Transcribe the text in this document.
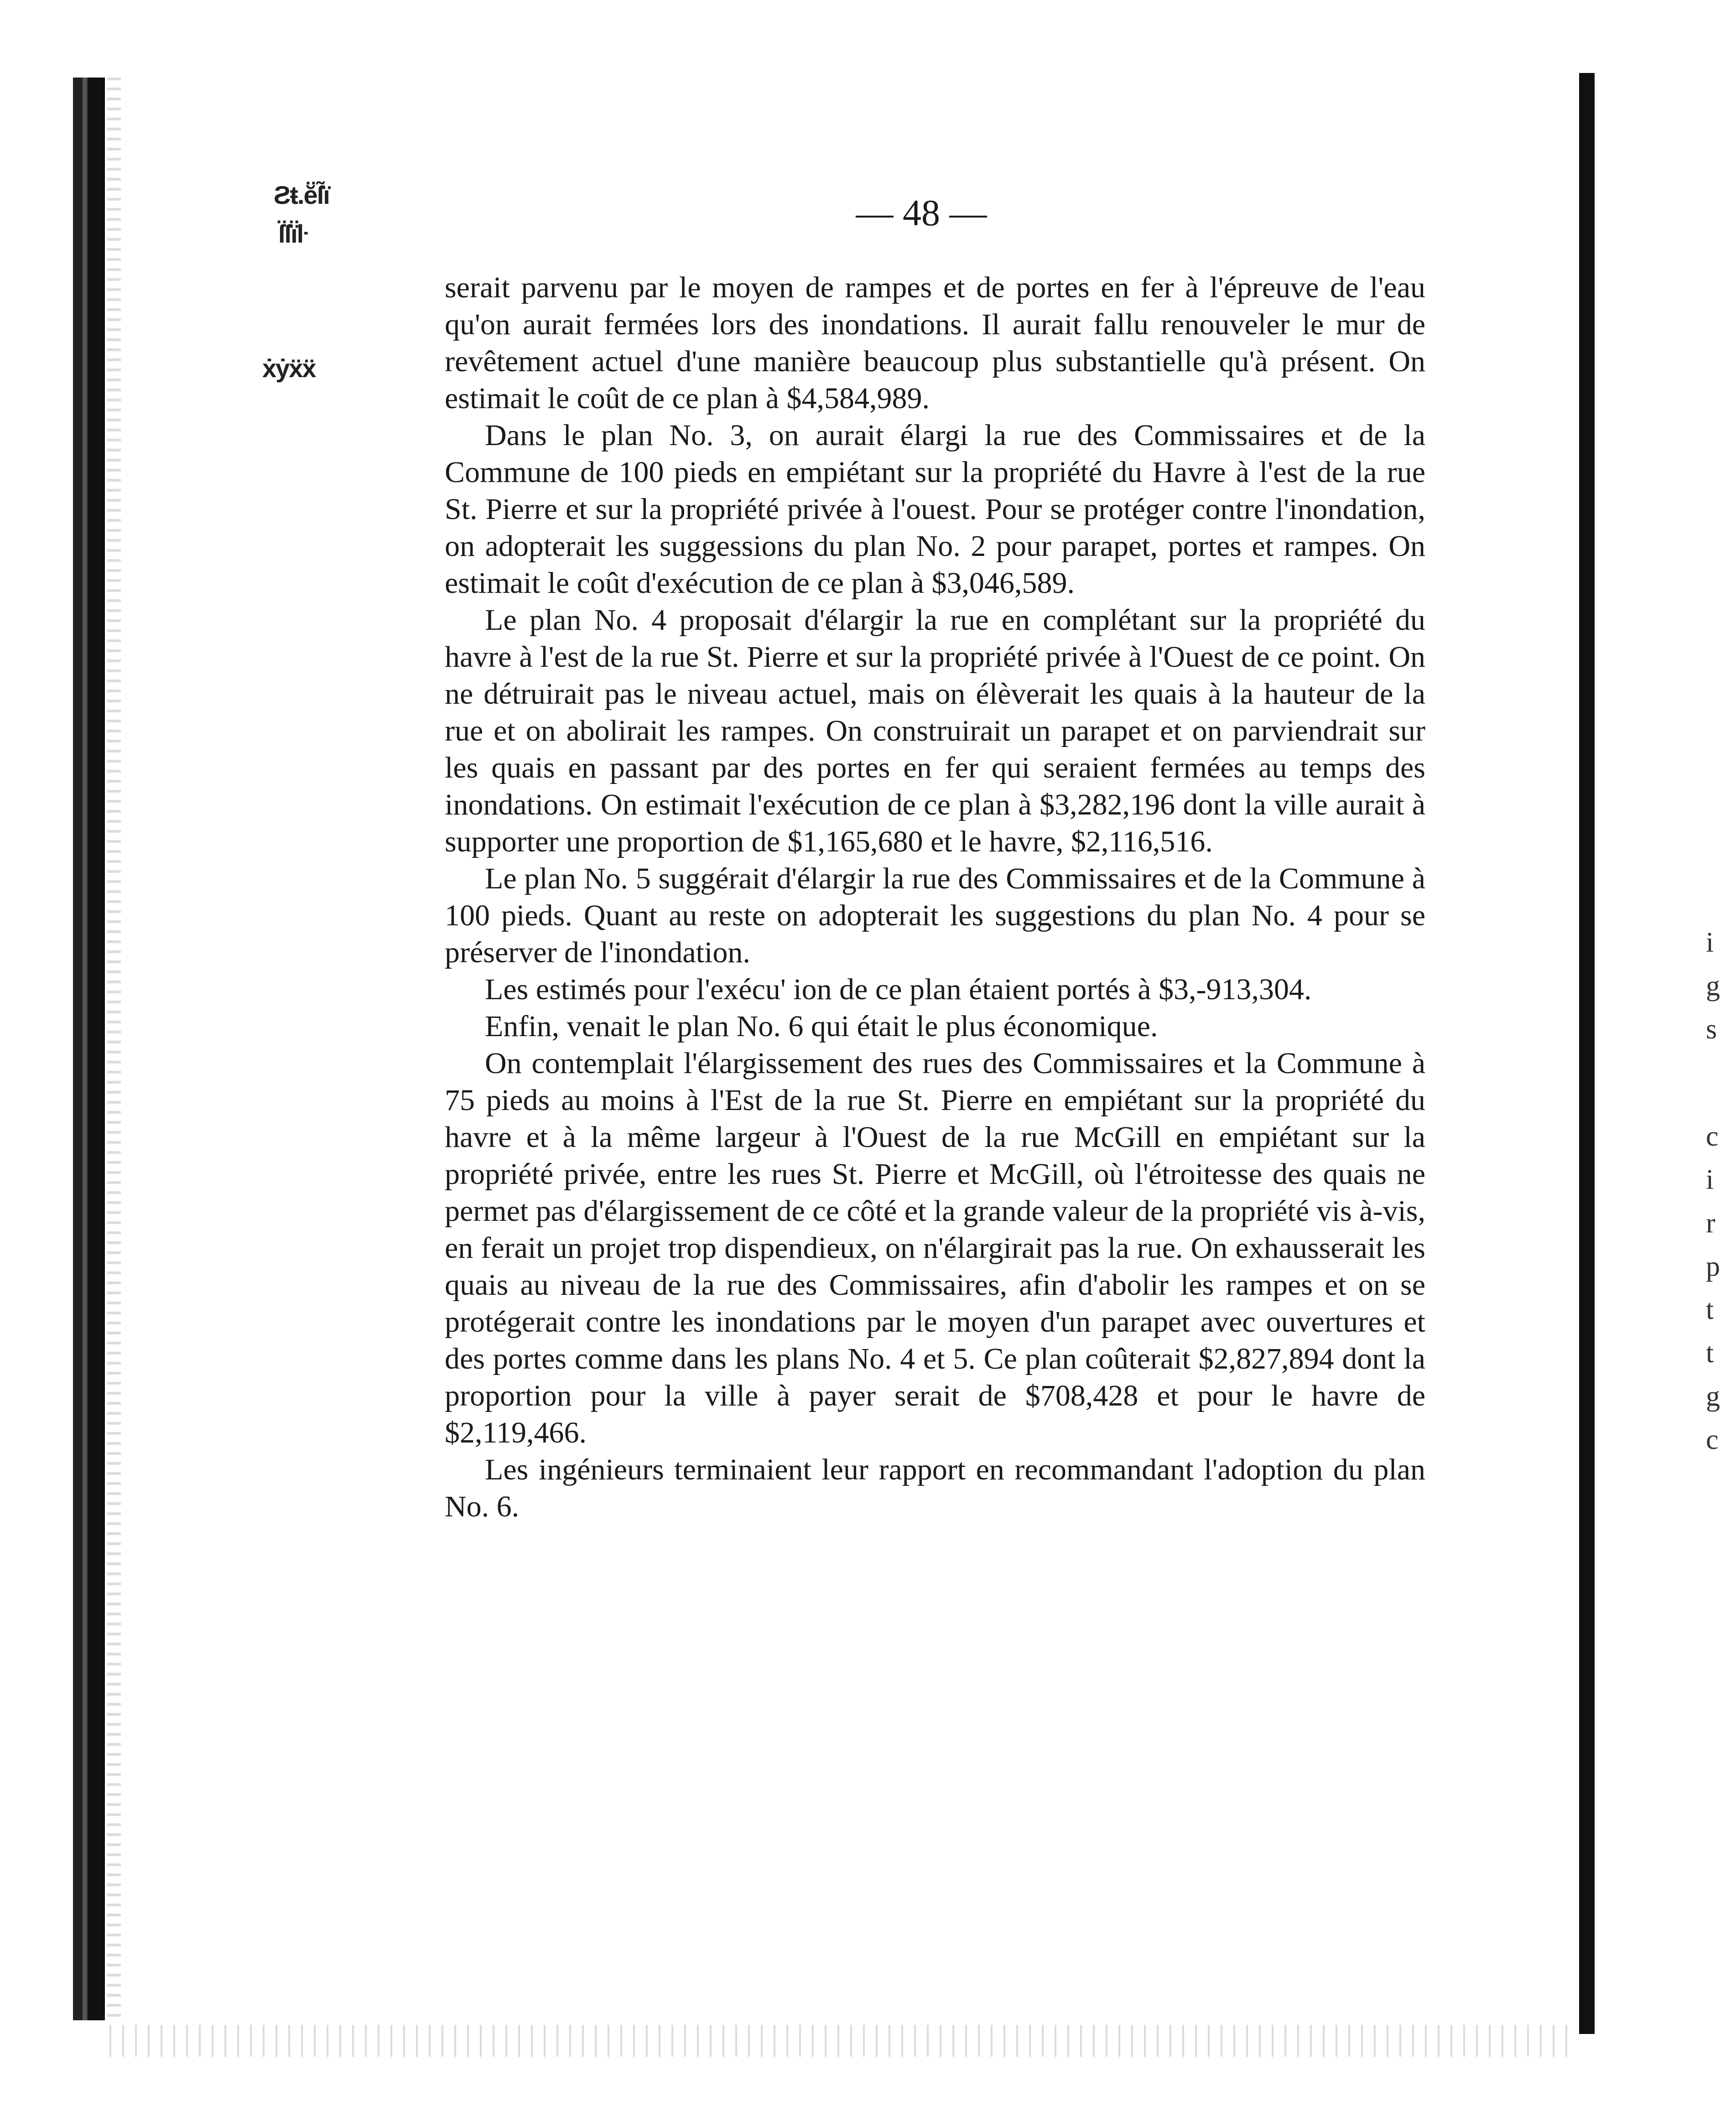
Ƨŧ.ĕ̈ſ̃ï
ſ̈ſï̈ŀ
ẋẏẍẍ
i
g
s
c
i
r
p
t
t
g
c
— 48 —

serait parvenu par le moyen de rampes et de portes en fer à l'épreuve de l'eau qu'on aurait fermées lors des inondations. Il aurait fallu renouveler le mur de revêtement actuel d'une manière beaucoup plus substantielle qu'à présent. On estimait le coût de ce plan à $4,584,989.

Dans le plan No. 3, on aurait élargi la rue des Commissaires et de la Commune de 100 pieds en empiétant sur la propriété du Havre à l'est de la rue St. Pierre et sur la propriété privée à l'ouest. Pour se protéger contre l'inondation, on adopterait les suggessions du plan No. 2 pour parapet, portes et rampes. On estimait le coût d'exécution de ce plan à $3,046,589.

Le plan No. 4 proposait d'élargir la rue en complétant sur la propriété du havre à l'est de la rue St. Pierre et sur la propriété privée à l'Ouest de ce point. On ne détruirait pas le niveau actuel, mais on élèverait les quais à la hauteur de la rue et on abolirait les rampes. On construirait un parapet et on parviendrait sur les quais en passant par des portes en fer qui seraient fermées au temps des inondations. On estimait l'exécution de ce plan à $3,282,196 dont la ville aurait à supporter une proportion de $1,165,680 et le havre, $2,116,516.

Le plan No. 5 suggérait d'élargir la rue des Commissaires et de la Commune à 100 pieds. Quant au reste on adopterait les suggestions du plan No. 4 pour se préserver de l'inondation.

Les estimés pour l'exécu' ion de ce plan étaient portés à $3,-913,304.

Enfin, venait le plan No. 6 qui était le plus économique.

On contemplait l'élargissement des rues des Commissaires et la Commune à 75 pieds au moins à l'Est de la rue St. Pierre en empiétant sur la propriété du havre et à la même largeur à l'Ouest de la rue McGill en empiétant sur la propriété privée, entre les rues St. Pierre et McGill, où l'étroitesse des quais ne permet pas d'élargissement de ce côté et la grande valeur de la propriété vis à-vis, en ferait un projet trop dispendieux, on n'élargirait pas la rue. On exhausserait les quais au niveau de la rue des Commissaires, afin d'abolir les rampes et on se protégerait contre les inondations par le moyen d'un parapet avec ouvertures et des portes comme dans les plans No. 4 et 5. Ce plan coûterait $2,827,894 dont la proportion pour la ville à payer serait de $708,428 et pour le havre de $2,119,466.

Les ingénieurs terminaient leur rapport en recommandant l'adoption du plan No. 6.
